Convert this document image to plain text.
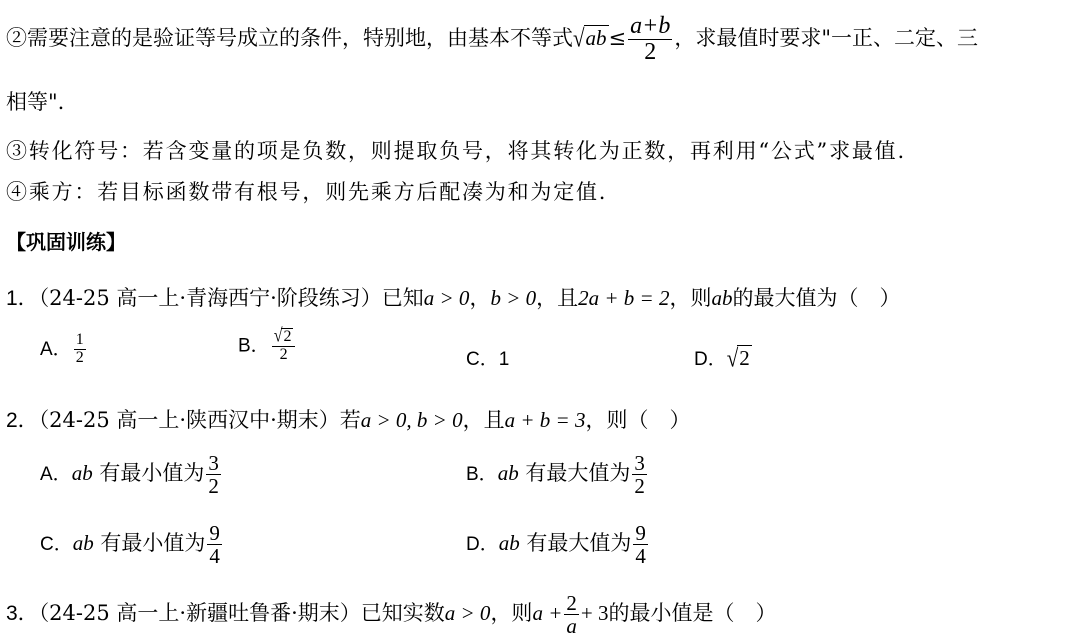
②需要注意的是验证等号成立的条件，特别地，由基本不等式$√ab\le \frac{a+b}{2}$ ，求最值时要求"一正、二定、三
相等".
③转化符号：若含变量的项是负数，则提取负号，将其转化为正数，再利用“公式”求最值.
④乘方：若目标函数带有根号，则先乘方后配凑为和为定值.
【巩固训练】
1．（24-25 高一上·青海西宁·阶段练习）已知a > 0，b > 0，且2a + b = 2，则ab的最大值为（　）
A． $\frac{1}{2}$	B． $\frac{√2}{2}$	C．1	D．√2
2．（24-25 高一上·陕西汉中·期末）若a > 0, b > 0，且a + b = 3，则（　）
A．ab 有最小值为 $\frac{3}{2}$	B．ab 有最大值为 $\frac{3}{2}$
C．ab 有最小值为 $\frac{9}{4}$	D．ab 有最大值为 $\frac{9}{4}$
3．（24-25 高一上·新疆吐鲁番·期末）已知实数a > 0，则$a + \frac{2}{a} + 3$的最小值是（　）
